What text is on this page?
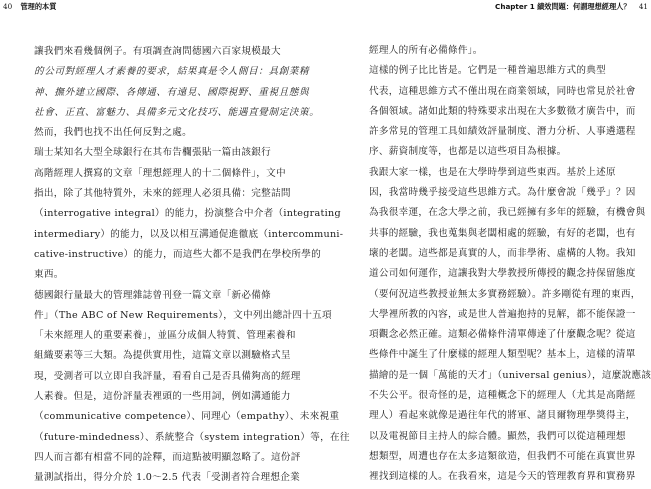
40 管理的本質	Chapter 1 績效問題：何謂理想經理人？ 41
讓我們來看幾個例子。有項調查詢問德國六百家規模最大
的公司對經理人才素養的要求，結果真是令人側目：具創業精
神、撫外建立國際、各傳通、有遠見、國際視野、重視且態與
社會、正直、富魅力、具備多元文化技巧、能遇直覺制定決策。
然而，我們也找不出任何反對之處。
瑞士某知名大型全球銀行在其布告欄張貼一篇由該銀行
高階經理人撰寫的文章「理想經理人的十二個條件」，文中
指出，除了其他特質外，未來的經理人必須具備：完整詰問
（interrogative integral）的能力，扮演整合中介者（integrating
intermediary）的能力，以及以相互溝通促進徹底（intercommuni-
cative-instructive）的能力，而這些大都不是我們在學校所學的
東西。
德國銀行量最大的管理雜誌曾刊登一篇文章「新必備條
件」（The ABC of New Requirements），文中列出總計四十五項
「未來經理人的重要素養」，並區分成個人特質、管理素養和
組織要素等三大類。為提供實用性，這篇文章以測驗格式呈
現，受測者可以立即自我評量，看看自己是否具備夠高的經理
人素養。但是，這份評量表裡頭的一些用詞，例如溝通能力
（communicative competence）、同理心（empathy）、未來視重
（future-mindedness）、系統整合（system integration）等，在往
四人而言都有相當不同的詮釋，而這點被明顯忽略了。這份評
量測試指出，得分介於 1.0～2.5 代表「受測者符合理想企業
經理人的所有必備條件」。
這樣的例子比比皆是。它們是一種普遍思維方式的典型
代表，這種思維方式不僅出現在商業領域，同時也常見於社會
各個領域。諸如此類的特殊要求出現在大多數徵才廣告中，而
許多常見的管理工具如績效評量制度、潛力分析、人事遴選程
序、薪資制度等，也都是以這些項目為根據。
我跟大家一樣，也是在大學時學到這些東西。基於上述原
因，我當時幾乎接受這些思維方式。為什麼會說「幾乎」？因
為我很幸運，在念大學之前，我已經擁有多年的經驗，有機會與
共事的經驗，我也蒐集與老闆相處的經驗，有好的老闆，也有
壞的老闆。這些都是真實的人，而非學術、虛構的人物。我知
道公司如何運作，這讓我對大學教授所傳授的觀念持保留態度
（要何況這些教授並無太多實務經驗）。許多剛從有理的東西，
大學裡所教的內容，或是世人普遍抱持的見解，都不能保證一
項觀念必然正確。這類必備條件清單傳達了什麼觀念呢？從這
些條件中誕生了什麼樣的經理人類型呢？基本上，這樣的清單
描繪的是一個「萬能的天才」（universal genius），這麼說應該
不失公平。很奇怪的是，這種概念下的經理人（尤其是高階經
理人）看起來就像是過往年代的將軍、諸貝爾物理學獎得主，
以及電視節目主持人的綜合體。顯然，我們可以從這種理想
想類型，周遭也存在太多這類欲造，但我們不可能在真實世界
裡找到這樣的人。在我看來，這是今天的管理教育界和實務界
